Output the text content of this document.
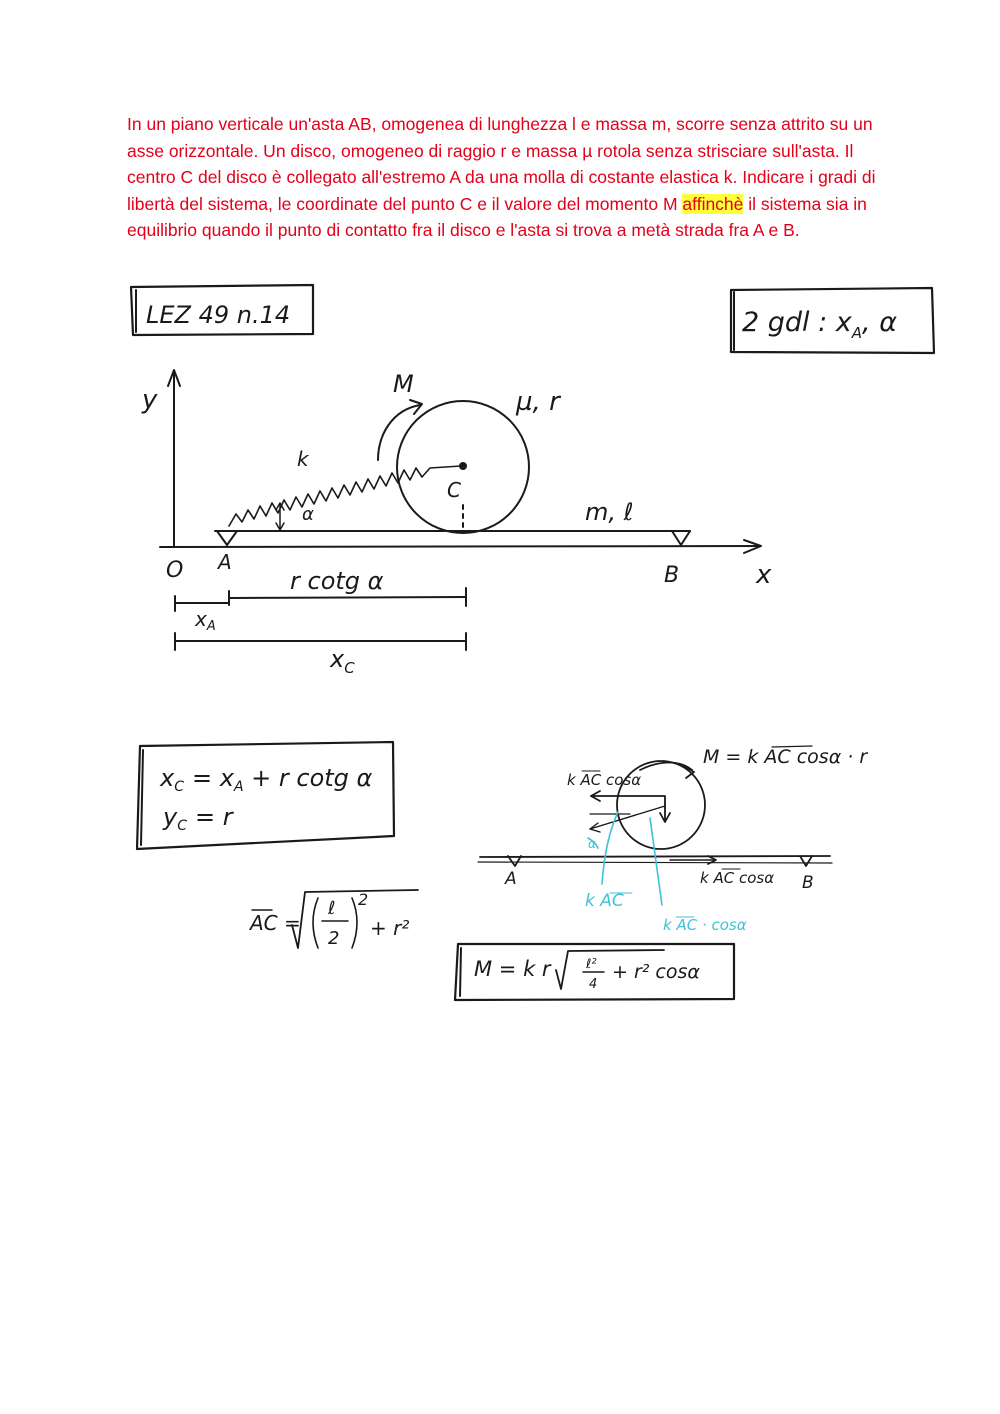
In un piano verticale un'asta AB, omogenea di lunghezza l e massa m, scorre senza attrito su un asse orizzontale. Un disco, omogeneo di raggio r e massa µ rotola senza strisciare sull'asta. Il centro C del disco è collegato all'estremo A da una molla di costante elastica k. Indicare i gradi di libertà del sistema, le coordinate del punto C e il valore del momento M affinchè il sistema sia in equilibrio quando il punto di contatto fra il disco e l'asta si trova a metà strada fra A e B.

LEZ 49 n.14	2 gdl : $x_A$, α
y
x
O A
B
m, ℓ
C
µ, r
M
k
α
r cotg α
$x_A$
$x_C$
$x_C = x_A + r$ cotg α
$y_C = r$
AC =
ℓ
2
2
+ r²
M = k AC cosα · r
k AC cosα
A	B
k AC cosα
k AC
k AC · cosα
α
M = k r	ℓ²
4
+ r² cosα
